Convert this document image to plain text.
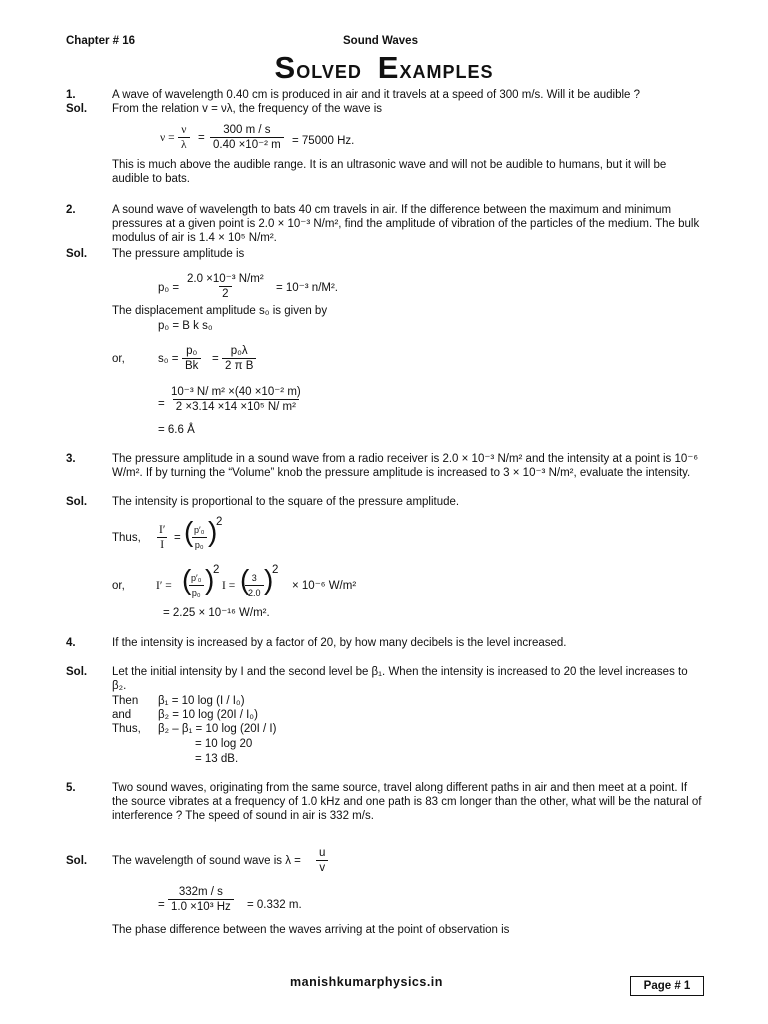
Chapter # 16	Sound Waves
Solved Examples
1.	A wave of wavelength 0.40 cm is produced in air and it travels at a speed of 300 m/s. Will it be audible ?
Sol. From the relation v = νλ, the frequency of the wave is
$\nu = \frac{\nu}{\lambda} = \frac{300 m / s}{\text{0.40 ×10⁻² m}} = 75000$ Hz.
This is much above the audible range. It is an ultrasonic wave and will not be audible to humans, but it will be audible to bats.
2.	A sound wave of wavelength to bats 40 cm travels in air. If the difference between the maximum and minimum pressures at a given point is 2.0 × 10⁻³ N/m², find the amplitude of vibration of the particles of the medium. The bulk modulus of air is 1.4 × 10⁵ N/m².
Sol. The pressure amplitude is
$p_0 = \frac{\text{2.0 ×10⁻³ N/m²}}{2} = 10^{-3}$ n/M².
The displacement amplitude s₀ is given by
p₀ = B k s₀
or,	$s_0 = \frac{\text{p₀}}{Bk} = \frac{\text{p₀λ}}{\text{2 π B}}$
= $\frac{\text{10⁻³ N/ m² ×(40 ×10⁻² m)}}{\text{2 ×3.14 ×14 ×10⁵ N/ m²}}$
= 6.6 Å
3.	The pressure amplitude in a sound wave from a radio receiver is 2.0 × 10⁻³ N/m² and the intensity at a point is 10⁻⁶ W/m². If by turning the “Volume” knob the pressure amplitude is increased to 3 × 10⁻³ N/m², evaluate the intensity.
Sol. The intensity is proportional to the square of the pressure amplitude.
Thus, $\frac{I'}{I}$ = (
$\frac{\text{p′₀}}{\text{p₀}}$ )
2
or,	I′ = (
$\frac{\text{p′₀}}{\text{p₀}}$ )
2
I = (
$\frac{3}{2.0}$ )
2
× 10⁻⁶ W/m²
= 2.25 × 10⁻¹⁶ W/m².
4.	If the intensity is increased by a factor of 20, by how many decibels is the level increased.
Sol. Let the initial intensity by I and the second level be β₁. When the intensity is increased to 20 the level increases to β₂.
Then β₁ = 10 log (I / I₀)
and β₂ = 10 log (20I / I₀)
Thus, β₂ – β₁ = 10 log (20I / I)
= 10 log 20
= 13 dB.
5.	Two sound waves, originating from the same source, travel along different paths in air and then meet at a point. If the source vibrates at a frequency of 1.0 kHz and one path is 83 cm longer than the other, what will be the natural of interference ? The speed of sound in air is 332 m/s.
Sol. The wavelength of sound wave is $\lambda = \frac{u}{v}$
= $\frac{332m / s}{\text{1.0 ×10³ Hz}} = 0.332$ m.
The phase difference between the waves arriving at the point of observation is
manishkumarphysics.in	Page # 1
